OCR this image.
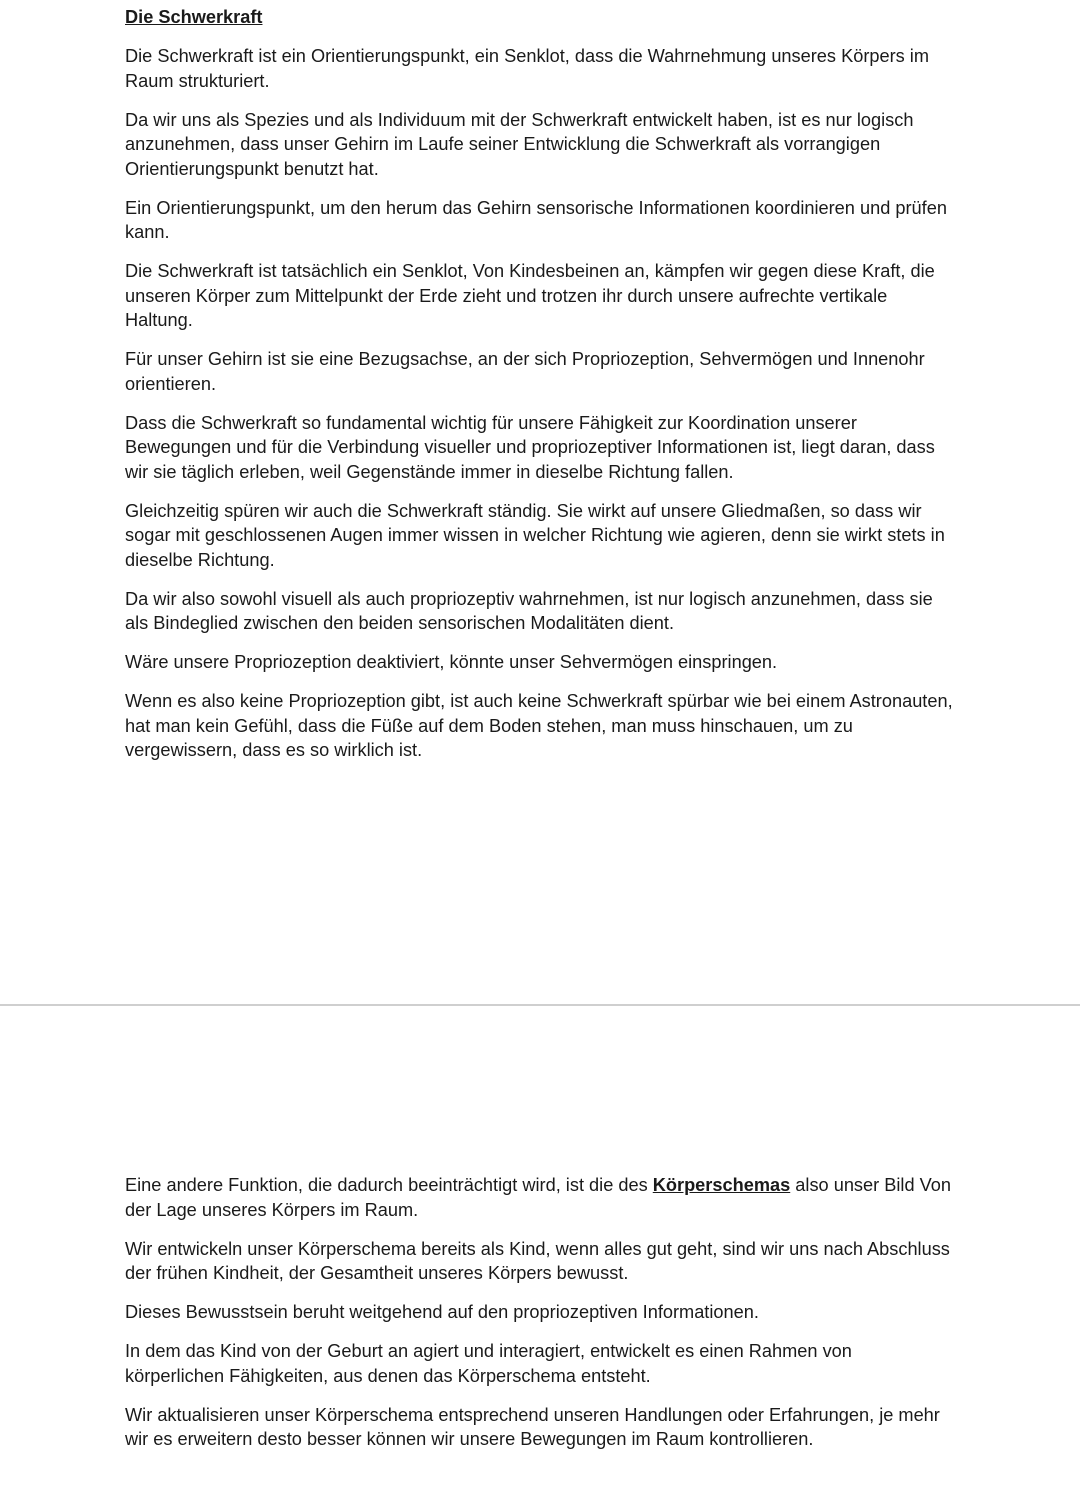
Die Schwerkraft

Die Schwerkraft ist ein Orientierungspunkt, ein Senklot, dass die Wahrnehmung unseres Körpers im Raum strukturiert.

Da wir uns als Spezies und als Individuum mit der Schwerkraft entwickelt haben, ist es nur logisch anzunehmen, dass unser Gehirn im Laufe seiner Entwicklung die Schwerkraft als vorrangigen Orientierungspunkt benutzt hat.

Ein Orientierungspunkt, um den herum das Gehirn sensorische Informationen koordinieren und prüfen kann.

Die Schwerkraft ist tatsächlich ein Senklot, Von Kindesbeinen an, kämpfen wir gegen diese Kraft, die unseren Körper zum Mittelpunkt der Erde zieht und trotzen ihr durch unsere aufrechte vertikale Haltung.

Für unser Gehirn ist sie eine Bezugsachse, an der sich Propriozeption, Sehvermögen und Innenohr orientieren.

Dass die Schwerkraft so fundamental wichtig für unsere Fähigkeit zur Koordination unserer Bewegungen und für die Verbindung visueller und propriozeptiver Informationen ist, liegt daran, dass wir sie täglich erleben, weil Gegenstände immer in dieselbe Richtung fallen.

Gleichzeitig spüren wir auch die Schwerkraft ständig. Sie wirkt auf unsere Gliedmaßen, so dass wir sogar mit geschlossenen Augen immer wissen in welcher Richtung wie agieren, denn sie wirkt stets in dieselbe Richtung.

Da wir also sowohl visuell als auch propriozeptiv wahrnehmen, ist nur logisch anzunehmen, dass sie als Bindeglied zwischen den beiden sensorischen Modalitäten dient.

Wäre unsere Propriozeption deaktiviert, könnte unser Sehvermögen einspringen.

Wenn es also keine Propriozeption gibt, ist auch keine Schwerkraft spürbar wie bei einem Astronauten, hat man kein Gefühl, dass die Füße auf dem Boden stehen, man muss hinschauen, um zu vergewissern, dass es so wirklich ist.

Eine andere Funktion, die dadurch beeinträchtigt wird, ist die des Körperschemas also unser Bild Von der Lage unseres Körpers im Raum.

Wir entwickeln unser Körperschema bereits als Kind, wenn alles gut geht, sind wir uns nach Abschluss der frühen Kindheit, der Gesamtheit unseres Körpers bewusst.

Dieses Bewusstsein beruht weitgehend auf den propriozeptiven Informationen.

In dem das Kind von der Geburt an agiert und interagiert, entwickelt es einen Rahmen von körperlichen Fähigkeiten, aus denen das Körperschema entsteht.

Wir aktualisieren unser Körperschema entsprechend unseren Handlungen oder Erfahrungen, je mehr wir es erweitern desto besser können wir unsere Bewegungen im Raum kontrollieren.
